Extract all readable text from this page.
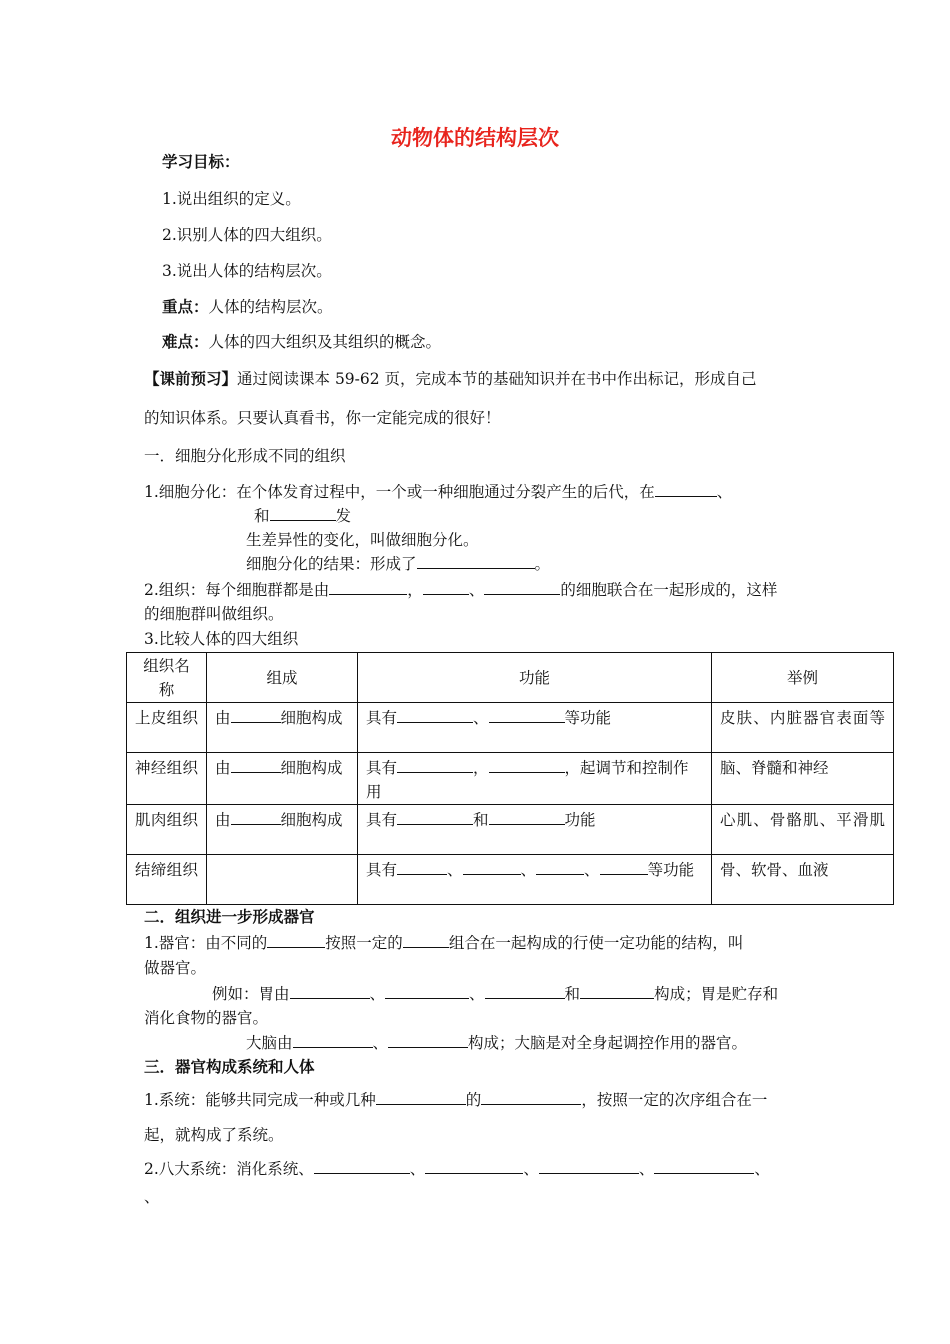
动物体的结构层次
学习目标：
1.说出组织的定义。
2.识别人体的四大组织。
3.说出人体的结构层次。
重点：人体的结构层次。
难点：人体的四大组织及其组织的概念。
【课前预习】通过阅读课本 59-62 页，完成本节的基础知识并在书中作出标记，形成自己
的知识体系。只要认真看书，你一定能完成的很好！
一．细胞分化形成不同的组织
1.细胞分化：在个体发育过程中，一个或一种细胞通过分裂产生的后代，在	、
和	发
生差异性的变化，叫做细胞分化。
细胞分化的结果：形成了	。
2.组织：每个细胞群都是由	，	、	的细胞联合在一起形成的，这样
的细胞群叫做组织。
3.比较人体的四大组织
组织名称	组成	功能	举例
上皮组织	由 细胞构成	具有 、 等功能	皮肤、内脏器官表面等
神经组织	由 细胞构成	具有 ， ，起调节和控制作用	脑、脊髓和神经
肌肉组织	由 细胞构成	具有 和 功能	心肌、骨骼肌、平滑肌
结缔组织		具有 、 、 、 等功能	骨、软骨、血液
二．组织进一步形成器官
1.器官：由不同的	按照一定的	组合在一起构成的行使一定功能的结构，叫
做器官。
例如：胃由	、	、	和	构成；胃是贮存和
消化食物的器官。
大脑由	、	构成；大脑是对全身起调控作用的器官。
三．器官构成系统和人体
1.系统：能够共同完成一种或几种	的	，按照一定的次序组合在一
起，就构成了系统。
2.八大系统：消化系统、	、	、	、	、
、
